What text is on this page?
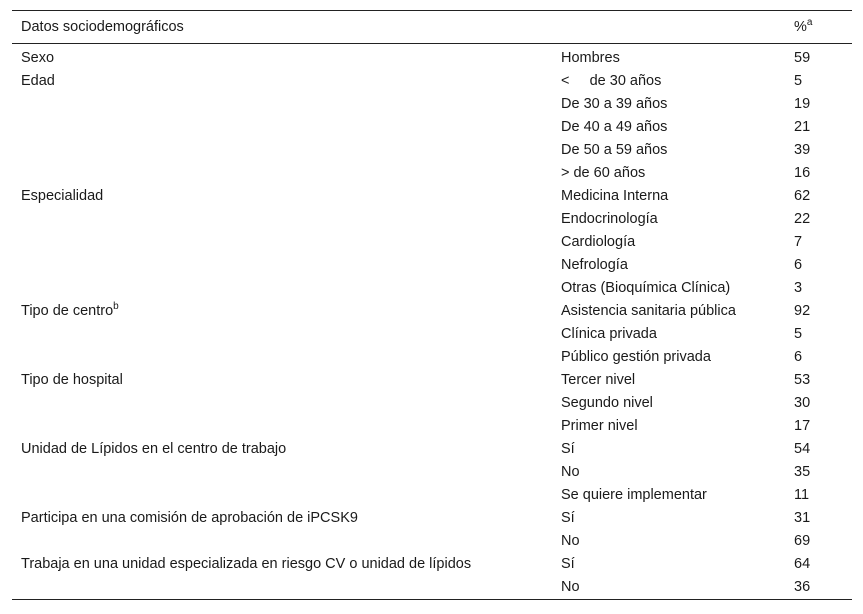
Datos sociodemográficos		%$^a$
Sexo	Hombres	59
Edad	<     de 30 años	5
	De 30 a 39 años	19
	De 40 a 49 años	21
	De 50 a 59 años	39
	> de 60 años	16
Especialidad	Medicina Interna	62
	Endocrinología	22
	Cardiología	7
	Nefrología	6
	Otras (Bioquímica Clínica)	3
Tipo de centro$^b$	Asistencia sanitaria pública	92
	Clínica privada	5
	Público gestión privada	6
Tipo de hospital	Tercer nivel	53
	Segundo nivel	30
	Primer nivel	17
Unidad de Lípidos en el centro de trabajo	Sí	54
	No	35
	Se quiere implementar	11
Participa en una comisión de aprobación de iPCSK9	Sí	31
	No	69
Trabaja en una unidad especializada en riesgo CV o unidad de lípidos	Sí	64
	No	36
